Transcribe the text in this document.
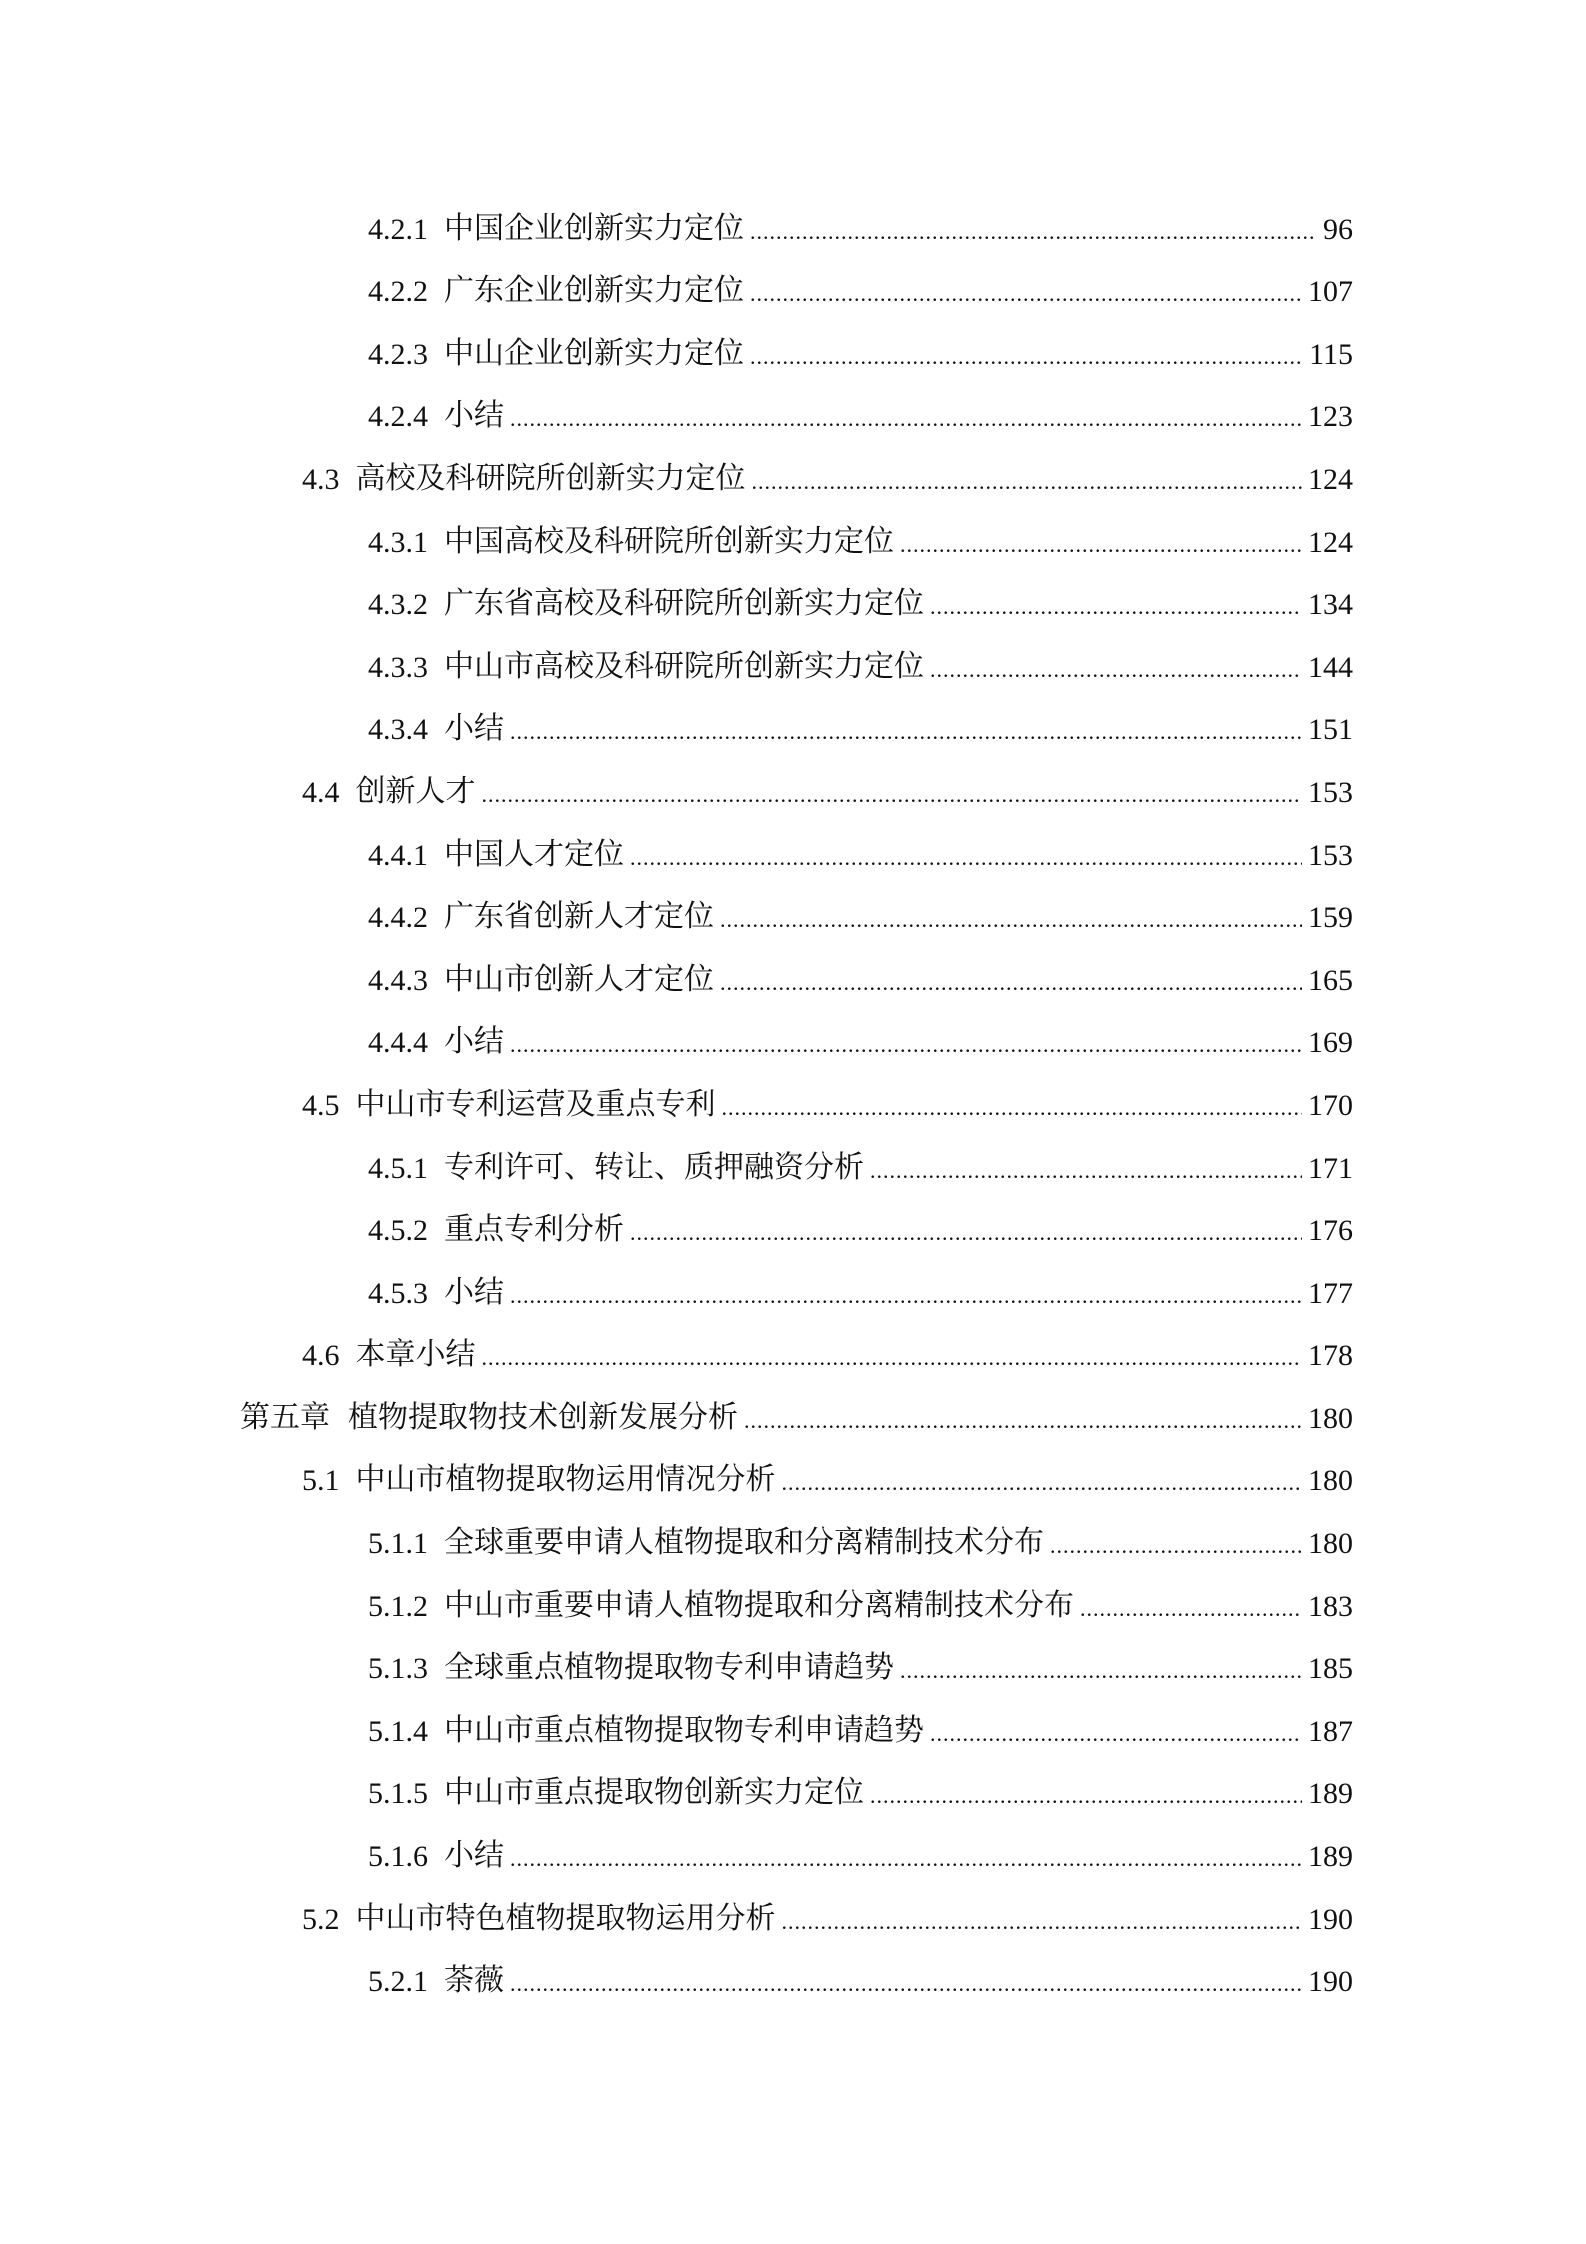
4.2.1 中国企业创新实力定位 .....	96
4.2.2 广东企业创新实力定位 .....	107
4.2.3 中山企业创新实力定位 .....	115
4.2.4 小结 .....	123
4.3 高校及科研院所创新实力定位 .....	124
4.3.1 中国高校及科研院所创新实力定位 .....	124
4.3.2 广东省高校及科研院所创新实力定位 .....	134
4.3.3 中山市高校及科研院所创新实力定位 .....	144
4.3.4 小结 .....	151
4.4 创新人才 .....	153
4.4.1 中国人才定位 .....	153
4.4.2 广东省创新人才定位 .....	159
4.4.3 中山市创新人才定位 .....	165
4.4.4 小结 .....	169
4.5 中山市专利运营及重点专利 .....	170
4.5.1 专利许可、转让、质押融资分析 .....	171
4.5.2 重点专利分析 .....	176
4.5.3 小结 .....	177
4.6 本章小结 .....	178
第五章 植物提取物技术创新发展分析 .....	180
5.1 中山市植物提取物运用情况分析 .....	180
5.1.1 全球重要申请人植物提取和分离精制技术分布 .....	180
5.1.2 中山市重要申请人植物提取和分离精制技术分布 .....	183
5.1.3 全球重点植物提取物专利申请趋势 .....	185
5.1.4 中山市重点植物提取物专利申请趋势 .....	187
5.1.5 中山市重点提取物创新实力定位 .....	189
5.1.6 小结 .....	189
5.2 中山市特色植物提取物运用分析 .....	190
5.2.1 荼薇 .....	190
